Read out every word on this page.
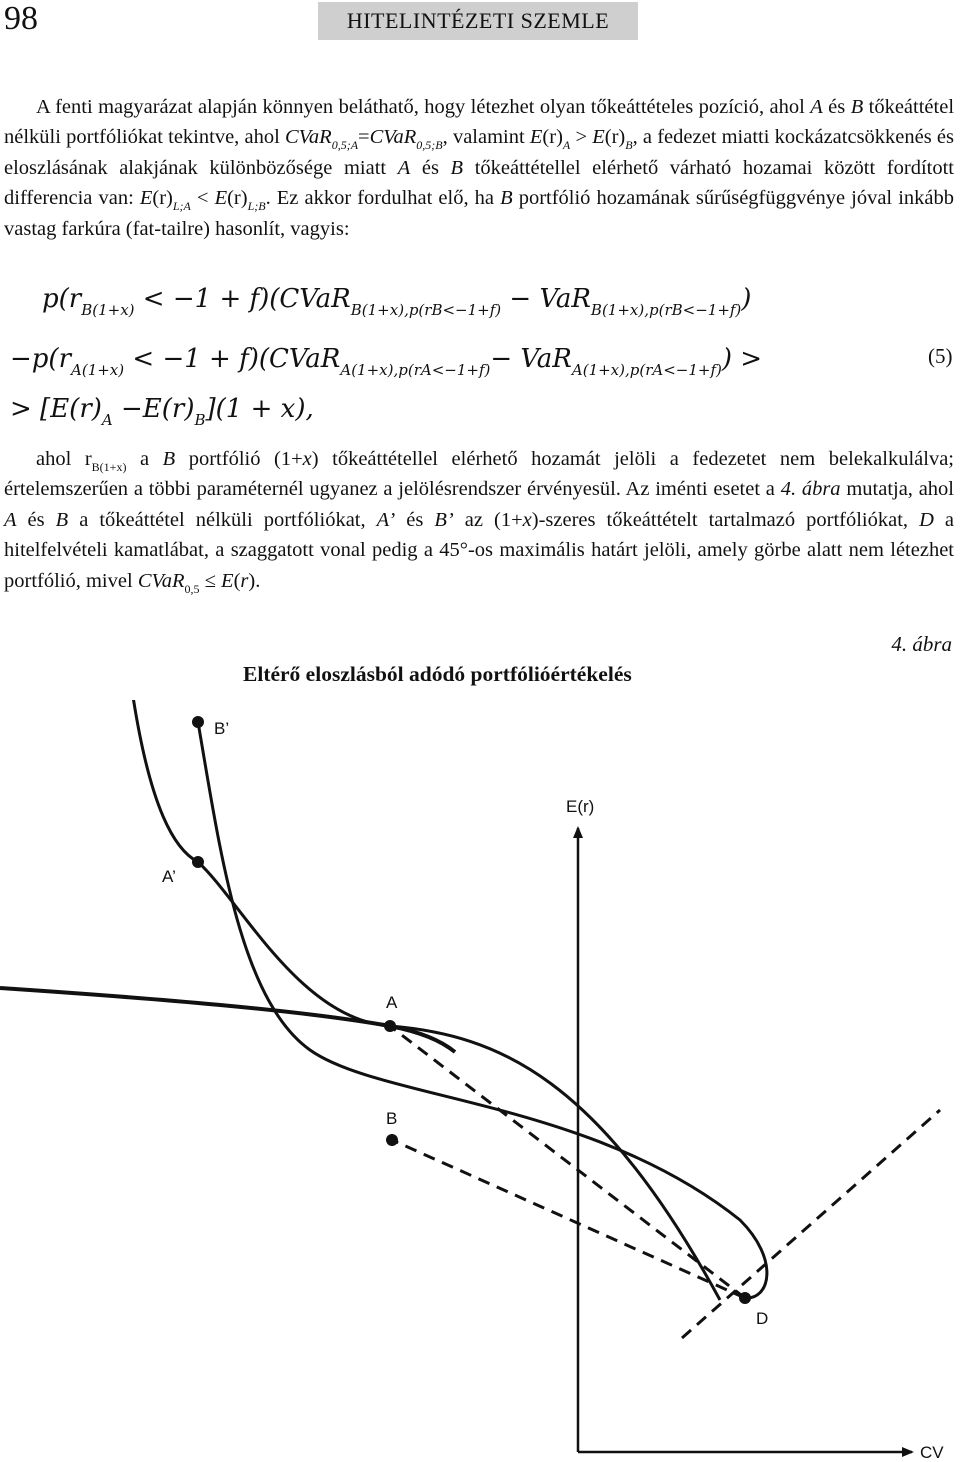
98	HITELINTÉZETI SZEMLE

A fenti magyarázat alapján könnyen beláthatő, hogy létezhet olyan tőkeáttételes pozíció, ahol A és B tőkeáttétel nélküli portfóliókat tekintve, ahol CVaR$_{0,5;A}$=CVaR$_{0,5;B}$, valamint $E(r)_A > E(r)_B$, a fedezet miatti kockázatcsökkenés és eloszlásának alakjának különbözősége miatt A és B tőkeáttétellel elérhető várható hozamai között fordított differencia van: $E(r)_{L;A} < E(r)_{L;B}$. Ez akkor fordulhat elő, ha B portfólió hozamának sűrűségfüggvénye jóval inkább vastag farkúra (fat-tailre) hasonlít, vagyis:

$p(r_{B(1+x)} < -1$ + f)(CVaR$_{B(1+x),p(rB<-1+f)}$ − VaR$_{B(1+x),p(rB<-1+f)}$)
$-p(r_{A(1+x)} < -1$ + f)(CVaR$_{A(1+x),p(rA<-1+f)}$− VaR$_{A(1+x),p(rA<-1+f)}$) >
> $[E(r)_A -E(r)_B](1 + x)$,
(5)

ahol $r_{B(1+x)}$ a B portfólió (1+x) tőkeáttétellel elérhető hozamát jelöli a fedezetet nem belekalkulálva; értelemszerűen a többi paraméternél ugyanez a jelölésrendszer érvényesül. Az iménti esetet a 4. ábra mutatja, ahol A és B a tőkeáttétel nélküli portfóliókat, A’ és B’ az (1+x)-szeres tőkeáttételt tartalmazó portfóliókat, D a hitelfelvételi kamatlábat, a szaggatott vonal pedig a 45°-os maximális határt jelöli, amely görbe alatt nem létezhet portfólió, mivel CVaR$_{0,5}$ ≤ E(r).

4. ábra
Eltérő eloszlásból adódó portfólióértékelés
B’
A’
A
B
D
E(r)
CV
